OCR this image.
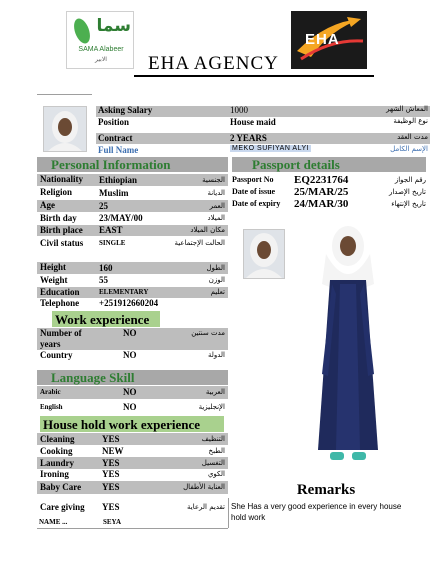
سما
SAMA Alabeer
الابير
EHA
EHA AGENCY
Asking Salary	1000	المعاش الشهر
Position	House maid	نوع الوظيفة
Contract	2 YEARS	مدت العقد
Full Name	MEKO SUFIYAN ALYI	الإسم الكامل
Personal Information	Passport details
Nationality	Ethiopian	الجنسية
Religion	Muslim	الديانة
Age	25	العمر
Birth day	23/MAY/00	الميلاد
Birth place	EAST	مكان الميلاد
Civil status	SINGLE	الحالت الإجتماعية
Height	160	الطول
Weight	55	الوزن
Education	ELEMENTARY	تعليم
Telephone	+251912660204
Passport No	EQ2231764	رقم الجواز
Date of issue	25/MAR/25	تاريخ الإصدار
Date of expiry	24/MAR/30	تاريخ الإنتهاء
Work experience
Number of years
NO	مدت سنتين
Country	NO	الدولة
Language Skill
Arabic	NO	العربية
English	NO	الإنجليزية
House hold work experience
Cleaning	YES	التنظيف
Cooking	NEW	الطبخ
Laundry	YES	التغسيل
Ironing	YES	الكوي
Baby Care	YES	العناية الأطفال
Care giving	YES	تقديم الرعاية
NAME ...	SEYA
Remarks
She Has a very good experience in every house hold work
